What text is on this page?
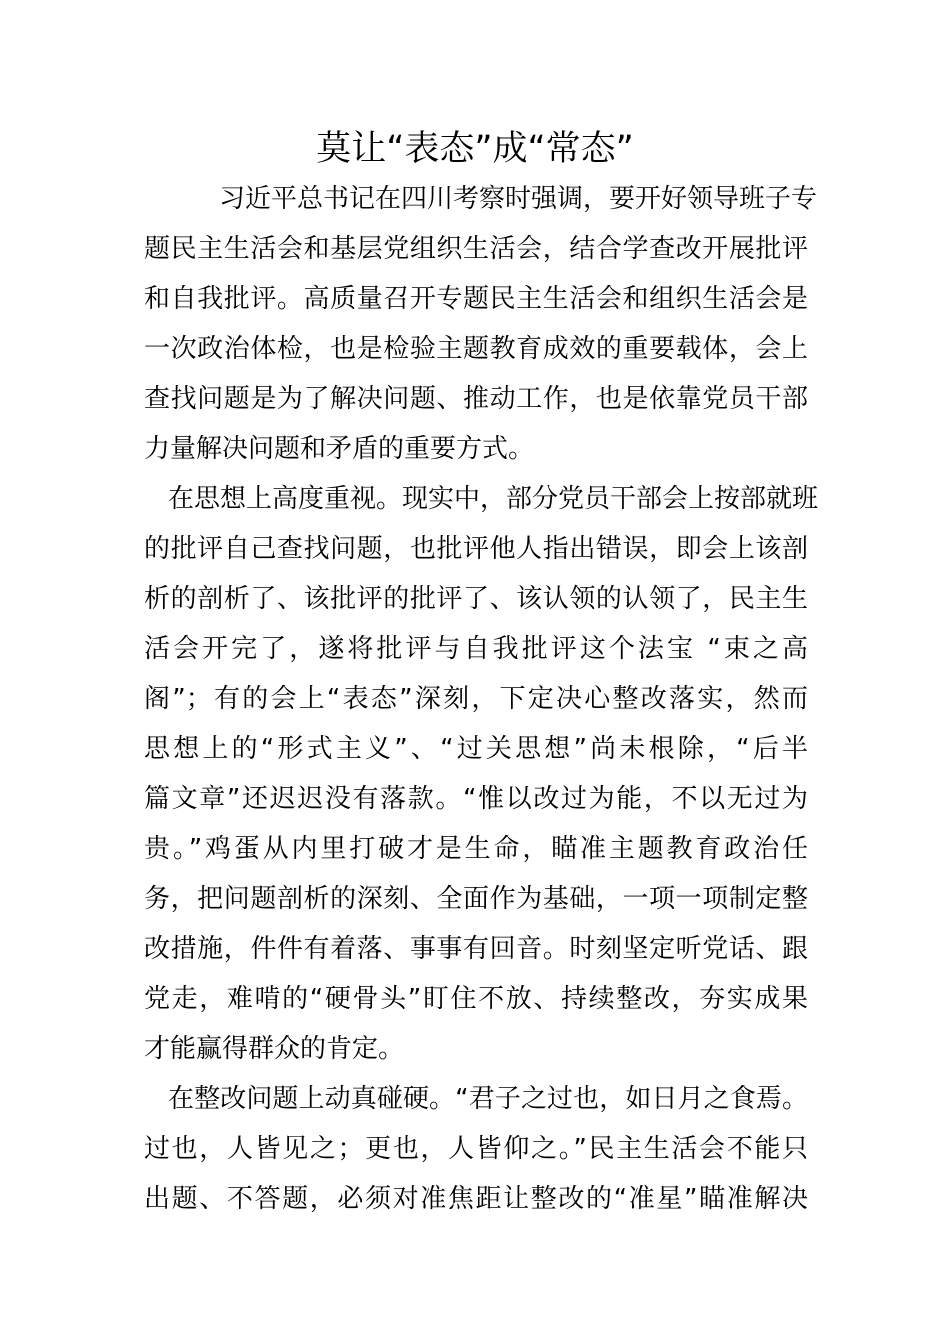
莫让“表态”成“常态”
习近平总书记在四川考察时强调，要开好领导班子专
题民主生活会和基层党组织生活会，结合学查改开展批评
和自我批评。高质量召开专题民主生活会和组织生活会是
一次政治体检，也是检验主题教育成效的重要载体，会上
查找问题是为了解决问题、推动工作，也是依靠党员干部
力量解决问题和矛盾的重要方式。
在思想上高度重视。现实中，部分党员干部会上按部就班
的批评自己查找问题，也批评他人指出错误，即会上该剖
析的剖析了、该批评的批评了、该认领的认领了，民主生
活会开完了，遂将批评与自我批评这个法宝 “束之高
阁”；有的会上“表态”深刻，下定决心整改落实，然而
思想上的“形式主义”、“过关思想”尚未根除，“后半
篇文章”还迟迟没有落款。“惟以改过为能，不以无过为
贵。”鸡蛋从内里打破才是生命，瞄准主题教育政治任
务，把问题剖析的深刻、全面作为基础，一项一项制定整
改措施，件件有着落、事事有回音。时刻坚定听党话、跟
党走，难啃的“硬骨头”盯住不放、持续整改，夯实成果
才能赢得群众的肯定。
在整改问题上动真碰硬。“君子之过也，如日月之食焉。
过也，人皆见之；更也，人皆仰之。”民主生活会不能只
出题、不答题，必须对准焦距让整改的“准星”瞄准解决
